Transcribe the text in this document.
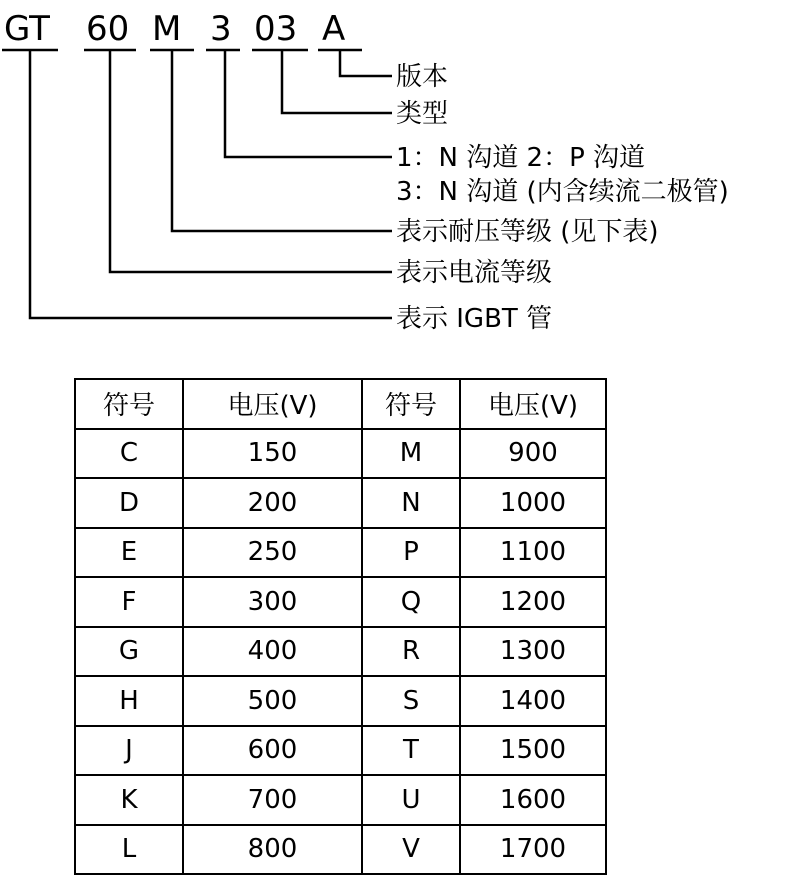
GT 60 M 3 03 A
版本
类型
1：N 沟道 2：P 沟道
3：N 沟道 (内含续流二极管)
表示耐压等级 (见下表)
表示电流等级
表示 IGBT 管
符号	电压(V)	符号	电压(V)
C	150	M	900
D	200	N	1000
E	250	P	1100
F	300	Q	1200
G	400	R	1300
H	500	S	1400
J	600	T	1500
K	700	U	1600
L	800	V	1700
